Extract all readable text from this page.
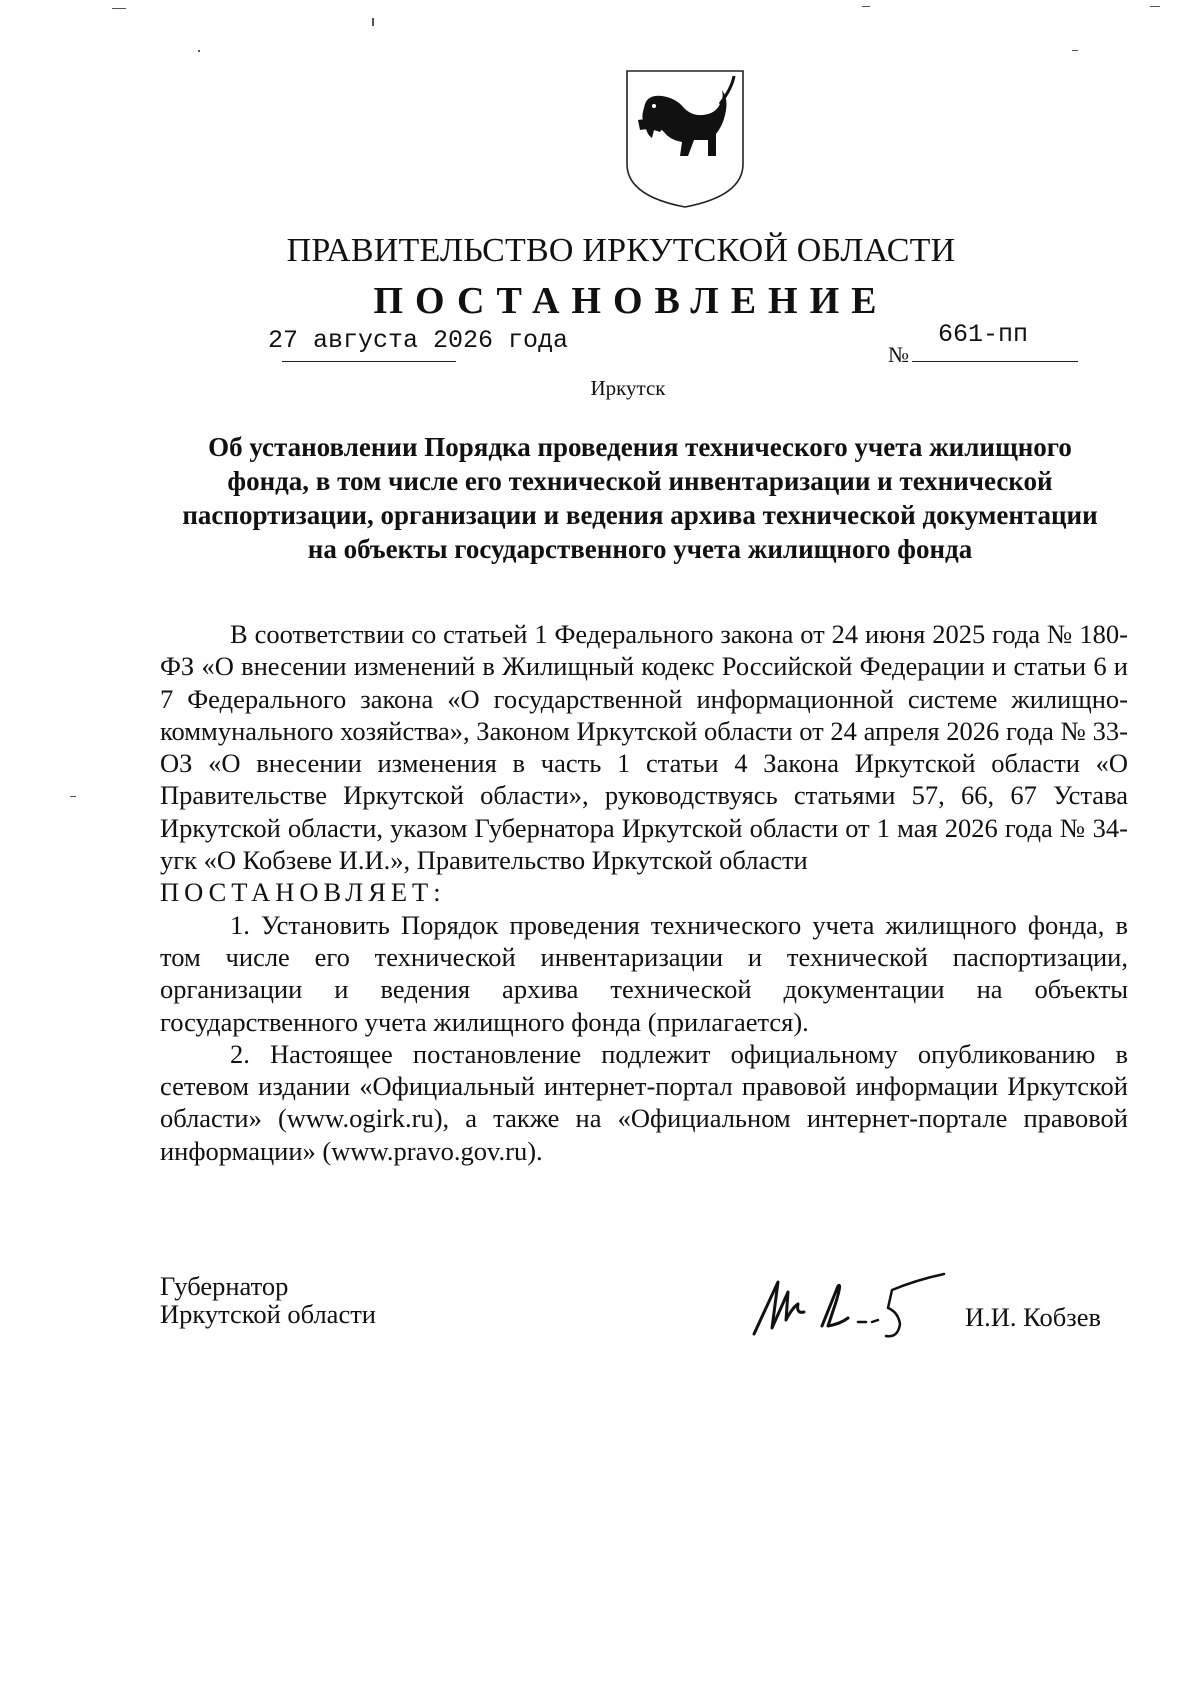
ПРАВИТЕЛЬСТВО ИРКУТСКОЙ ОБЛАСТИ
ПОСТАНОВЛЕНИЕ
27 августа 2026 года	№
661-пп
Иркутск
Об установлении Порядка проведения технического учета жилищного фонда, в том числе его технической инвентаризации и технической паспортизации, организации и ведения архива технической документации на объекты государственного учета жилищного фонда

В соответствии со статьей 1 Федерального закона от 24 июня 2025 года № 180-ФЗ «О внесении изменений в Жилищный кодекс Российской Федерации и статьи 6 и 7 Федерального закона «О государственной информационной системе жилищно-коммунального хозяйства», Законом Иркутской области от 24 апреля 2026 года № 33-ОЗ «О внесении изменения в часть 1 статьи 4 Закона Иркутской области «О Правительстве Иркутской области», руководствуясь статьями 57, 66, 67 Устава Иркутской области, указом Губернатора Иркутской области от 1 мая 2026 года № 34-угк «О Кобзеве И.И.», Правительство Иркутской области

ПОСТАНОВЛЯЕТ:

1. Установить Порядок проведения технического учета жилищного фонда, в том числе его технической инвентаризации и технической паспортизации, организации и ведения архива технической документации на объекты государственного учета жилищного фонда (прилагается).

2. Настоящее постановление подлежит официальному опубликованию в сетевом издании «Официальный интернет-портал правовой информации Иркутской области» (www.ogirk.ru), а также на «Официальном интернет-портале правовой информации» (www.pravo.gov.ru).

Губернатор
Иркутской области	И.И. Кобзев
